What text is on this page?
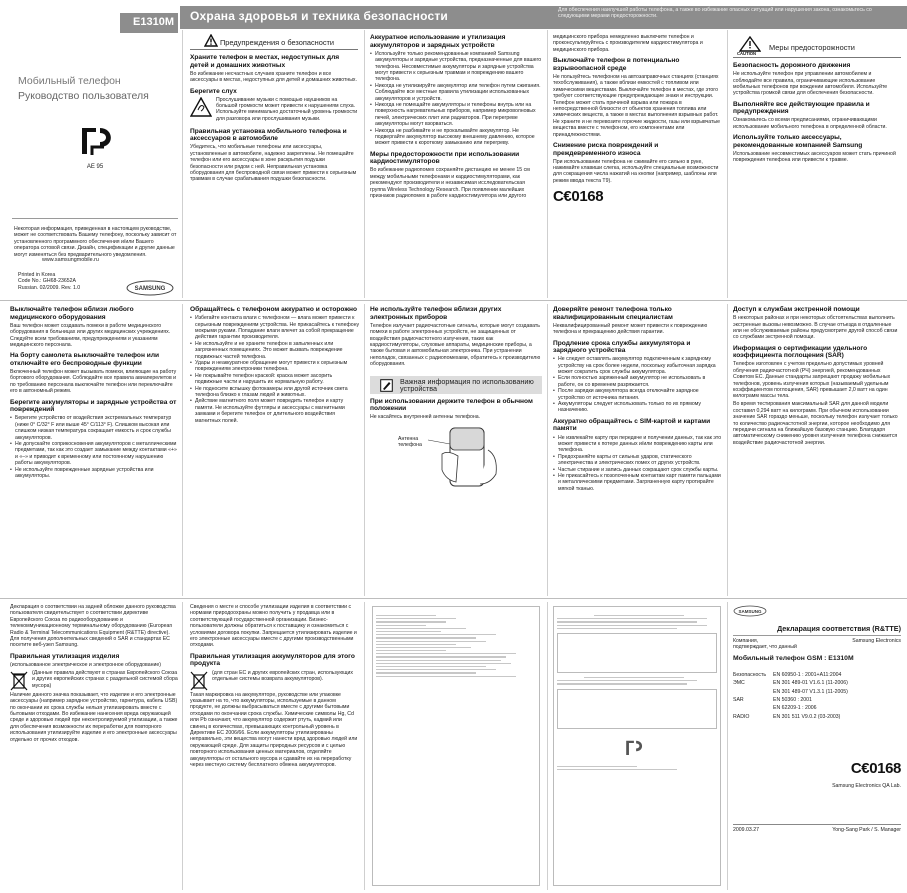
Охрана здоровья и техника безопасности	Для обеспечения наилучшей работы телефона, а также во избежание опасных ситуаций или нарушения закона, ознакомьтесь со следующими мерами предосторожности.
E1310M
Мобильный телефон
Руководство пользователя
AE 95
Некоторая информация, приведенная в настоящем руководстве, может не соответствовать Вашему телефону, поскольку зависит от установленного программного обеспечения и/или Вашего оператора сотовой связи. Дизайн, спецификации и другие данные могут изменяться без предварительного уведомления.
www.samsungmobile.ru
Printed in Korea
Code No.: GH68-23652A
Russian. 02/2009. Rev. 1.0	SAMSUNG
Предупреждения о безопасности
Храните телефон в местах, недоступных для детей и домашних животных
Во избежание несчастных случаев храните телефон и все аксессуары в местах, недоступных для детей и домашних животных.
Берегите слух
Прослушивание музыки с помощью наушников на большой громкости может привести к нарушениям слуха. Используйте минимально достаточный уровень громкости для разговора или прослушивания музыки.
Правильная установка мобильного телефона и аксессуаров в автомобиле
Убедитесь, что мобильные телефоны или аксессуары, установленные в автомобиле, надежно закреплены. Не помещайте телефон или его аксессуары в зоне раскрытия подушки безопасности или рядом с ней. Неправильная установка оборудования для беспроводной связи может привести к серьезным травмам в случае срабатывания подушки безопасности.
Аккуратное использование и утилизация аккумуляторов и зарядных устройств
• Используйте только рекомендованные компанией Samsung аккумуляторы и зарядные устройства, предназначенные для вашего телефона. Несовместимые аккумуляторы и зарядные устройства могут привести к серьезным травмам и повреждению вашего телефона.
• Никогда не утилизируйте аккумулятор или телефон путем сжигания. Соблюдайте все местные правила утилизации использованных аккумуляторов и устройств.
• Никогда не помещайте аккумуляторы и телефоны внутрь или на поверхность нагревательных приборов, например микроволновых печей, электрических плит или радиаторов. При перегреве аккумуляторы могут взорваться.
• Никогда не разбивайте и не прокалывайте аккумулятор. Не подвергайте аккумулятор высокому внешнему давлению, которое может привести к короткому замыканию или перегреву.
Меры предосторожности при использовании кардиостимуляторов
Во избежание радиопомех сохраняйте дистанцию не менее 15 см между мобильными телефонами и кардиостимуляторами, как рекомендуют производители и независимая исследовательская группа Wireless Technology Research. При появлении малейших признаков радиопомех в работе кардиостимулятора или другого
медицинского прибора немедленно выключите телефон и проконсультируйтесь с производителем кардиостимулятора и медицинского прибора.
Выключайте телефон в потенциально взрывоопасной среде
Не пользуйтесь телефоном на автозаправочных станциях (станциях техобслуживания), а также вблизи емкостей с топливом или химическими веществами. Выключайте телефон в местах, где этого требуют соответствующие предупреждающие знаки и инструкции. Телефон может стать причиной взрыва или пожара в непосредственной близости от объектов хранения топлива или химических веществ, а также в местах выполнения взрывных работ. Не храните и не перевозите горючие жидкости, газы или взрывчатые вещества вместе с телефоном, его компонентами или принадлежностями.
Снижение риска повреждений и преждевременного износа
При использовании телефона не сжимайте его сильно в руке, нажимайте клавиши слегка, используйте специальные возможности для сокращения числа нажатий на кнопки (например, шаблоны или режим ввода текста T9).
C€0168
CAUTION
Меры предосторожности
Безопасность дорожного движения
Не используйте телефон при управлении автомобилем и соблюдайте все правила, ограничивающие использование мобильных телефонов при вождении автомобиля. Используйте устройства громкой связи для обеспечения безопасности.
Выполняйте все действующие правила и предупреждения
Ознакомьтесь со всеми предписаниями, ограничивающими использование мобильного телефона в определенной области.
Используйте только аксессуары, рекомендованные компанией Samsung
Использование несовместимых аксессуаров может стать причиной повреждения телефона или привести к травме.
Выключайте телефон вблизи любого медицинского оборудования
Ваш телефон может создавать помехи в работе медицинского оборудования в больницах или других медицинских учреждениях. Следуйте всем требованиям, предупреждениям и указаниям медицинского персонала.
На борту самолета выключайте телефон или отключайте его беспроводные функции
Включенный телефон может вызывать помехи, влияющие на работу бортового оборудования. Соблюдайте все правила авиаперелетов и по требованию персонала выключайте телефон или переключайте его в автономный режим.
Берегите аккумуляторы и зарядные устройства от повреждений
• Берегите устройство от воздействия экстремальных температур (ниже 0° C/32° F или выше 45° C/113° F). Слишком высокая или слишком низкая температура сокращает емкость и срок службы аккумуляторов.
• Не допускайте соприкосновения аккумуляторов с металлическими предметами, так как это создает замыкание между контактами «+» и «–» и приводит к временному или постоянному нарушению работы аккумуляторов.
• Не используйте поврежденные зарядные устройства или аккумуляторы.
Обращайтесь с телефоном аккуратно и осторожно
• Избегайте контакта влаги с телефоном — влага может привести к серьезным повреждениям устройства. Не прикасайтесь к телефону мокрыми руками. Попадание влаги влечет за собой прекращение действия гарантии производителя.
• Не используйте и не храните телефон в запыленных или загрязненных помещениях. Это может вызвать повреждение подвижных частей телефона.
• Удары и неаккуратное обращение могут привести к серьезным повреждениям электроники телефона.
• Не покрывайте телефон краской: краска может засорить подвижные части и нарушить их нормальную работу.
• Не подносите вспышку фотокамеры или другой источник света телефона близко к глазам людей и животных.
• Действие магнитного поля может повредить телефон и карту памяти. Не используйте футляры и аксессуары с магнитными замками и берегите телефон от длительного воздействия магнитных полей.
Не используйте телефон вблизи других электронных приборов
Телефон излучает радиочастотные сигналы, которые могут создавать помехи в работе электронных устройств, не защищенных от воздействия радиочастотного излучения, таких как кардиостимуляторы, слуховые аппараты, медицинские приборы, а также бытовая и автомобильная электроника. При устранении неполадок, связанных с радиопомехами, обратитесь к производителю оборудования.
Важная информация по использованию устройства
При использовании держите телефон в обычном положении
Не касайтесь внутренней антенны телефона.
Антенна
телефона
Доверяйте ремонт телефона только квалифицированным специалистам
Неквалифицированный ремонт может привести к повреждению телефона и прекращению действия гарантии.
Продление срока службы аккумулятора и зарядного устройства
• Не следует оставлять аккумулятор подключенным к зарядному устройству на срок более недели, поскольку избыточная зарядка может сократить срок службы аккумулятора.
• Если полностью заряженный аккумулятор не использовать в работе, он со временем разряжается.
• После зарядки аккумулятора всегда отключайте зарядное устройство от источника питания.
• Аккумуляторы следует использовать только по их прямому назначению.
Аккуратно обращайтесь с SIM-картой и картами памяти
• Не извлекайте карту при передаче и получении данных, так как это может привести к потере данных и/или повреждению карты или телефона.
• Предохраняйте карты от сильных ударов, статического электричества и электрических помех от других устройств.
• Частые стирание и запись данных сокращают срок службы карты.
• Не прикасайтесь к позолоченным контактам карт памяти пальцами и металлическими предметами. Загрязненную карту протирайте мягкой тканью.
Доступ к службам экстренной помощи
В некоторых районах и при некоторых обстоятельствах выполнить экстренные вызовы невозможно. В случае отъезда в отдаленные или не обслуживаемые районы предусмотрите другой способ связи со службами экстренной помощи.
Информация о сертификации удельного коэффициента поглощения (SAR)
Телефон изготовлен с учетом предельно допустимых уровней облучения радиочастотной (РЧ) энергией, рекомендованных Советом ЕС. Данные стандарты запрещают продажу мобильных телефонов, уровень излучения которых (называемый удельным коэффициентом поглощения, SAR) превышает 2,0 ватт на один килограмм массы тела.
Во время тестирования максимальный SAR для данной модели составил 0,294 ватт на килограмм. При обычном использовании значение SAR гораздо меньше, поскольку телефон излучает только то количество радиочастотной энергии, которое необходимо для передачи сигнала на ближайшую базовую станцию. Благодаря автоматическому снижению уровня излучения телефона снижается воздействие радиочастотной энергии.
Декларация о соответствии на задней обложке данного руководства пользователя свидетельствует о соответствии директиве Европейского Союза по радиооборудованию и телекоммуникационному терминальному оборудованию (European Radio & Terminal Telecommunications Equipment (R&TTE) directive). Для получения дополнительных сведений о SAR и стандартах ЕС посетите веб-узел Samsung.
Правильная утилизация изделия
(использованное электрическое и электронное оборудование)
(Данные правила действуют в странах Европейского Союза и других европейских странах с раздельной системой сбора мусора)
Наличие данного значка показывает, что изделие и его электронные аксессуары (например зарядное устройство, гарнитура, кабель USB) по окончании их срока службы нельзя утилизировать вместе с бытовыми отходами. Во избежание нанесения вреда окружающей среде и здоровью людей при неконтролируемой утилизации, а также для обеспечения возможности их переработки для повторного использования утилизируйте изделие и его электронные аксессуары отдельно от прочих отходов.
Сведения о месте и способе утилизации изделия в соответствии с нормами природоохраны можно получить у продавца или в соответствующей государственной организации. Бизнес-пользователи должны обратиться к поставщику и ознакомиться с условиями договора покупки. Запрещается утилизировать изделие и его электронные аксессуары вместе с другими производственными отходами.
Правильная утилизация аккумуляторов для этого продукта
(для стран ЕС и других европейских стран, использующих отдельные системы возврата аккумуляторов).
Такая маркировка на аккумуляторе, руководстве или упаковке указывает на то, что аккумуляторы, используемые в данном продукте, не должны выбрасываться вместе с другими бытовыми отходами по окончании срока службы. Химические символы Hg, Cd или Pb означают, что аккумулятор содержит ртуть, кадмий или свинец в количествах, превышающих контрольный уровень в Директиве ЕС 2006/66. Если аккумуляторы утилизированы неправильно, эти вещества могут нанести вред здоровью людей или окружающей среде. Для защиты природных ресурсов и с целью повторного использования ценных материалов, отделяйте аккумуляторы от остального мусора и сдавайте их на переработку через местную систему бесплатного обмена аккумуляторов.
SAMSUNG
Декларация соответствия (R&TTE)
Компания,	Samsung Electronics
подтверждает, что данный
Мобильный телефон GSM : E1310M
Безопасность	EN 60950-1 : 2001+A11:2004
ЭМС	EN 301 489-01 V1.6.1 (11-2006)
EN 301 489-07 V1.3.1 (11-2005)
SAR	EN 50360 : 2001
EN 62209-1 : 2006
RADIO	EN 301 511 V9.0.2 (03-2003)
C€0168
Samsung Electronics QA Lab.
2009.03.27	Yong-Sang Park / S. Manager
